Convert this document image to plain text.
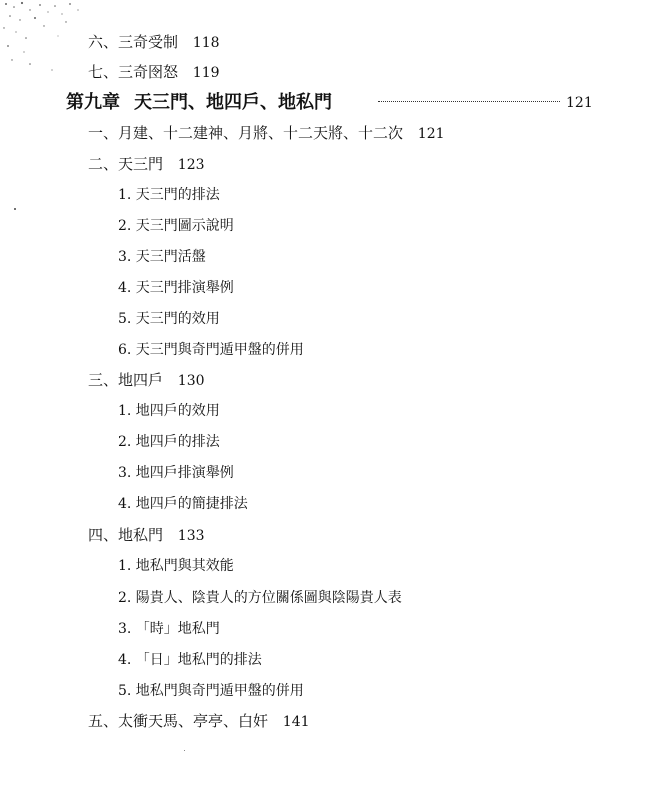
六、三奇受制 118
七、三奇囹怒 119
第九章 天三門、地四戶、地私門	121
一、月建、十二建神、月將、十二天將、十二次 121
二、天三門 123
1. 天三門的排法
2. 天三門圖示說明
3. 天三門活盤
4. 天三門排演舉例
5. 天三門的效用
6. 天三門與奇門遁甲盤的併用
三、地四戶 130
1. 地四戶的效用
2. 地四戶的排法
3. 地四戶排演舉例
4. 地四戶的簡捷排法
四、地私門 133
1. 地私門與其效能
2. 陽貴人、陰貴人的方位關係圖與陰陽貴人表
3. 「時」地私門
4. 「日」地私門的排法
5. 地私門與奇門遁甲盤的併用
五、太衝天馬、亭亭、白奸 141
